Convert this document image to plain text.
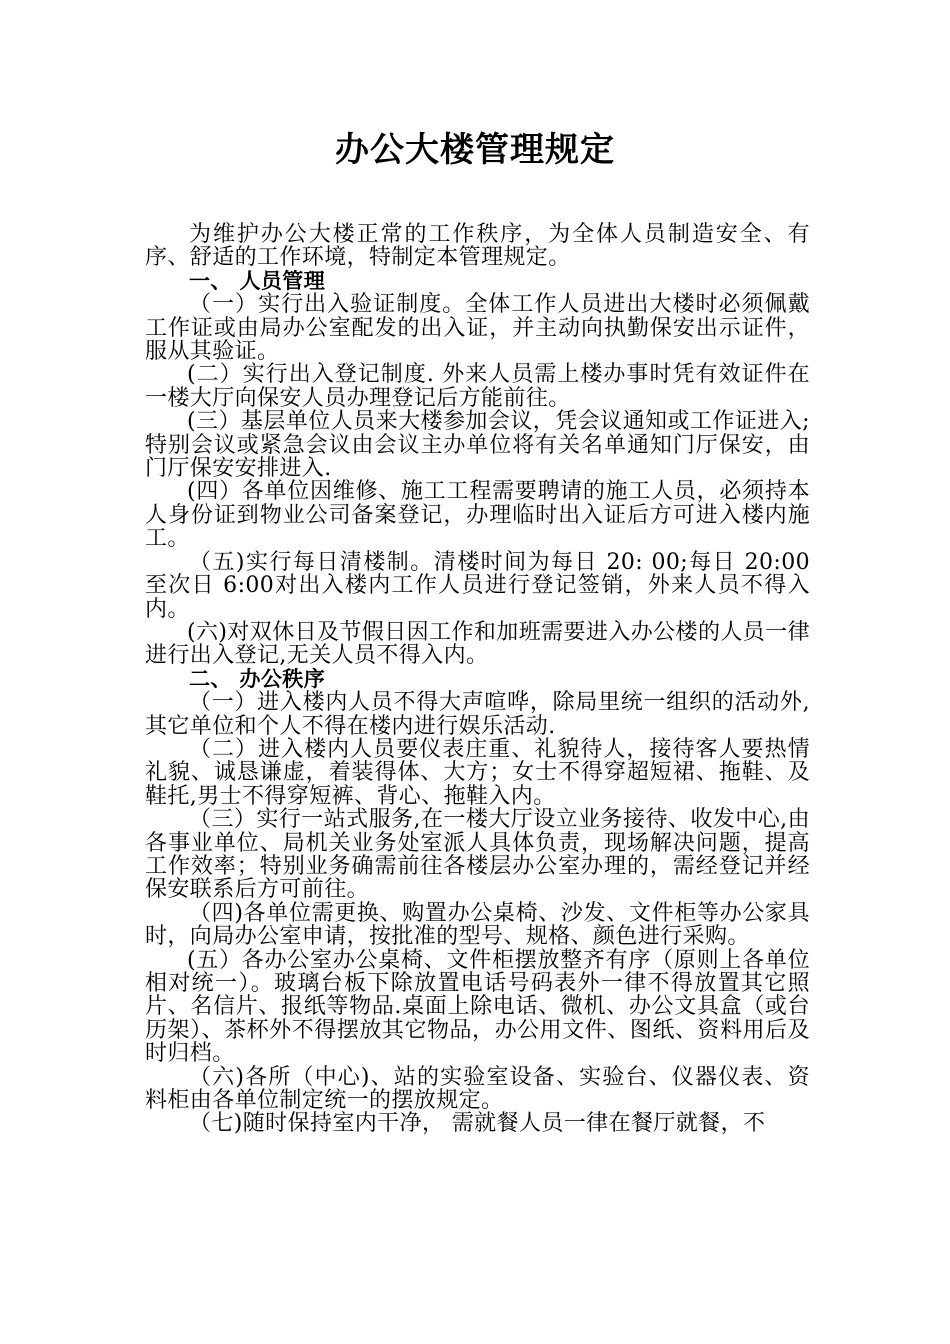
办公大楼管理规定

为维护办公大楼正常的工作秩序，为全体人员制造安全、有序、舒适的工作环境，特制定本管理规定。

一、 人员管理

（一）实行出入验证制度。全体工作人员进出大楼时必须佩戴工作证或由局办公室配发的出入证，并主动向执勤保安出示证件，服从其验证。

(二）实行出入登记制度. 外来人员需上楼办事时凭有效证件在一楼大厅向保安人员办理登记后方能前往。

(三）基层单位人员来大楼参加会议，凭会议通知或工作证进入; 特别会议或紧急会议由会议主办单位将有关名单通知门厅保安，由门厅保安安排进入.

(四）各单位因维修、施工工程需要聘请的施工人员，必须持本人身份证到物业公司备案登记，办理临时出入证后方可进入楼内施工。

（五)实行每日清楼制。清楼时间为每日 20: 00;每日 20:00 至次日 6:00对出入楼内工作人员进行登记签销，外来人员不得入内。

(六)对双休日及节假日因工作和加班需要进入办公楼的人员一律进行出入登记,无关人员不得入内。

二、 办公秩序

（一）进入楼内人员不得大声喧哗，除局里统一组织的活动外,其它单位和个人不得在楼内进行娱乐活动.

（二）进入楼内人员要仪表庄重、礼貌待人，接待客人要热情礼貌、诚恳谦虚，着装得体、大方；女士不得穿超短裙、拖鞋、及鞋托,男士不得穿短裤、背心、拖鞋入内。

（三）实行一站式服务,在一楼大厅设立业务接待、收发中心,由各事业单位、局机关业务处室派人具体负责，现场解决问题，提高工作效率；特别业务确需前往各楼层办公室办理的，需经登记并经保安联系后方可前往。

（四)各单位需更换、购置办公桌椅、沙发、文件柜等办公家具时，向局办公室申请，按批准的型号、规格、颜色进行采购。

(五）各办公室办公桌椅、文件柜摆放整齐有序（原则上各单位相对统一）。玻璃台板下除放置电话号码表外一律不得放置其它照片、名信片、报纸等物品.桌面上除电话、微机、办公文具盒（或台历架）、茶杯外不得摆放其它物品，办公用文件、图纸、资料用后及时归档。

（六)各所（中心)、站的实验室设备、实验台、仪器仪表、资料柜由各单位制定统一的摆放规定。

（七)随时保持室内干净， 需就餐人员一律在餐厅就餐，不
